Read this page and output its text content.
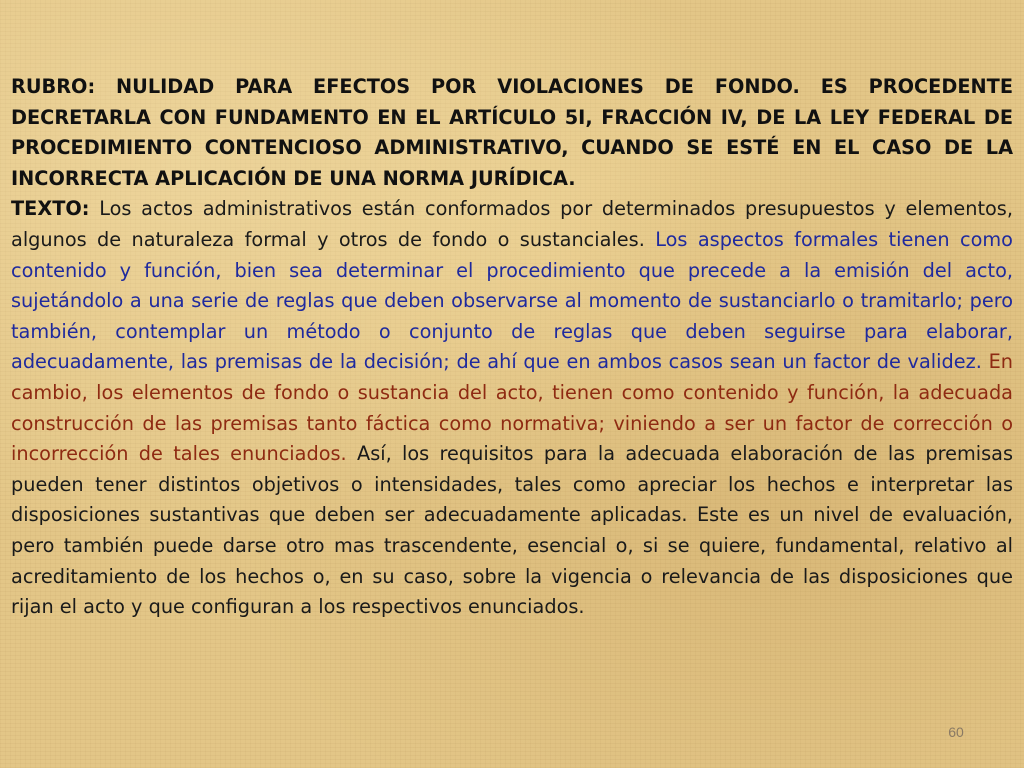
RUBRO: NULIDAD PARA EFECTOS POR VIOLACIONES DE FONDO. ES PROCEDENTE DECRETARLA CON FUNDAMENTO EN EL ARTÍCULO 5I, FRACCIÓN IV, DE LA LEY FEDERAL DE PROCEDIMIENTO CONTENCIOSO ADMINISTRATIVO, CUANDO SE ESTÉ EN EL CASO DE LA INCORRECTA APLICACIÓN DE UNA NORMA JURÍDICA.

TEXTO: Los actos administrativos están conformados por determinados presupuestos y elementos, algunos de naturaleza formal y otros de fondo o sustanciales. Los aspectos formales tienen como contenido y función, bien sea determinar el procedimiento que precede a la emisión del acto, sujetándolo a una serie de reglas que deben observarse al momento de sustanciarlo o tramitarlo; pero también, contemplar un método o conjunto de reglas que deben seguirse para elaborar, adecuadamente, las premisas de la decisión; de ahí que en ambos casos sean un factor de validez. En cambio, los elementos de fondo o sustancia del acto, tienen como contenido y función, la adecuada construcción de las premisas tanto fáctica como normativa; viniendo a ser un factor de corrección o incorrección de tales enunciados. Así, los requisitos para la adecuada elaboración de las premisas pueden tener distintos objetivos o intensidades, tales como apreciar los hechos e interpretar las disposiciones sustantivas que deben ser adecuadamente aplicadas. Este es un nivel de evaluación, pero también puede darse otro mas trascendente, esencial o, si se quiere, fundamental, relativo al acreditamiento de los hechos o, en su caso, sobre la vigencia o relevancia de las disposiciones que rijan el acto y que configuran a los respectivos enunciados.

60
